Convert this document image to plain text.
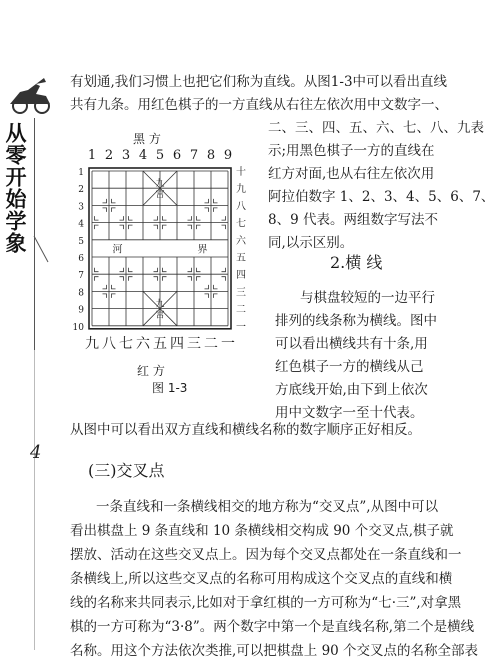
从零开始学象
4
有划通,我们习惯上也把它们称为直线。从图1-3中可以看出直线
共有九条。用红色棋子的一方直线从右往左依次用中文数字一、
二、三、四、五、六、七、八、九表
示;用黑色棋子一方的直线在
红方对面,也从右往左依次用
阿拉伯数字 1、2、3、4、5、6、7、
8、9 代表。两组数字写法不
同,以示区别。
2.横 线
与棋盘较短的一边平行
排列的线条称为横线。图中
可以看出横线共有十条,用
红色棋子一方的横线从己
方底线开始,由下到上依次
用中文数字一至十代表。
从图中可以看出双方直线和横线名称的数字顺序正好相反。
黑 方
九
宫
九
宫
河	界
1 2 3 4 5 6 7 8 9
九 八 七 六 五 四 三 二 一
1
2
3
4
5
6
7
8
9
10
十
九
八
七
六
五
四
三
二
一
红 方
图 1-3
(三)交叉点
一条直线和一条横线相交的地方称为“交叉点”,从图中可以
看出棋盘上 9 条直线和 10 条横线相交构成 90 个交叉点,棋子就
摆放、活动在这些交叉点上。因为每个交叉点都处在一条直线和一
条横线上,所以这些交叉点的名称可用构成这个交叉点的直线和横
线的名称来共同表示,比如对于拿红棋的一方可称为“七·三”,对拿黑
棋的一方可称为“3·8”。两个数字中第一个是直线名称,第二个是横线
名称。用这个方法依次类推,可以把棋盘上 90 个交叉点的名称全部表
